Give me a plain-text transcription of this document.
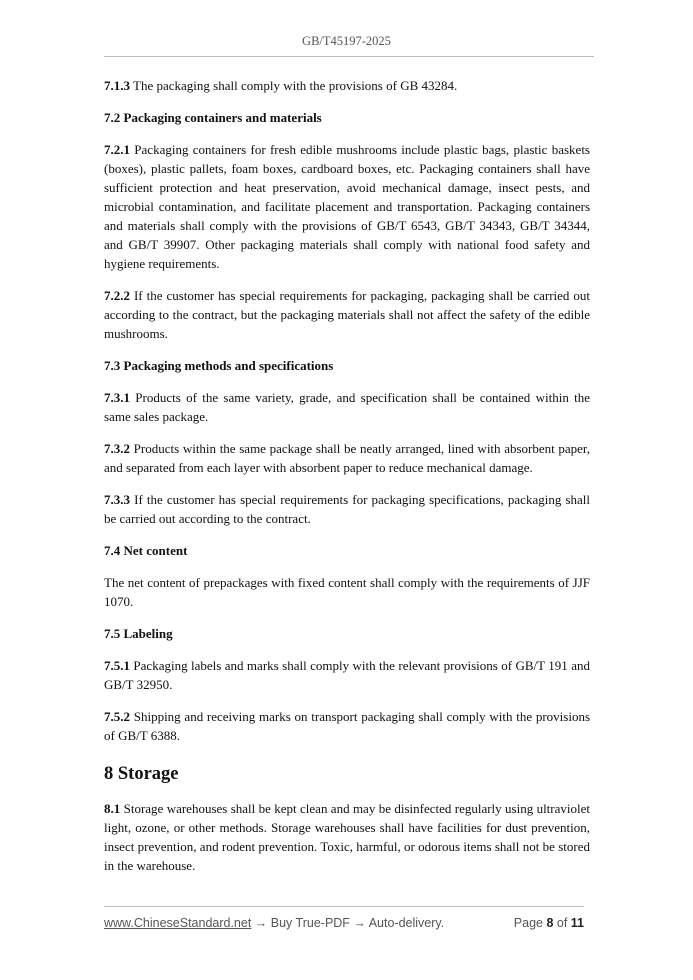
GB/T45197-2025

7.1.3 The packaging shall comply with the provisions of GB 43284.

7.2 Packaging containers and materials

7.2.1 Packaging containers for fresh edible mushrooms include plastic bags, plastic baskets (boxes), plastic pallets, foam boxes, cardboard boxes, etc. Packaging containers shall have sufficient protection and heat preservation, avoid mechanical damage, insect pests, and microbial contamination, and facilitate placement and transportation. Packaging containers and materials shall comply with the provisions of GB/T 6543, GB/T 34343, GB/T 34344, and GB/T 39907. Other packaging materials shall comply with national food safety and hygiene requirements.

7.2.2 If the customer has special requirements for packaging, packaging shall be carried out according to the contract, but the packaging materials shall not affect the safety of the edible mushrooms.

7.3 Packaging methods and specifications

7.3.1 Products of the same variety, grade, and specification shall be contained within the same sales package.

7.3.2 Products within the same package shall be neatly arranged, lined with absorbent paper, and separated from each layer with absorbent paper to reduce mechanical damage.

7.3.3 If the customer has special requirements for packaging specifications, packaging shall be carried out according to the contract.

7.4 Net content

The net content of prepackages with fixed content shall comply with the requirements of JJF 1070.

7.5 Labeling

7.5.1 Packaging labels and marks shall comply with the relevant provisions of GB/T 191 and GB/T 32950.

7.5.2 Shipping and receiving marks on transport packaging shall comply with the provisions of GB/T 6388.

8 Storage

8.1 Storage warehouses shall be kept clean and may be disinfected regularly using ultraviolet light, ozone, or other methods. Storage warehouses shall have facilities for dust prevention, insect prevention, and rodent prevention. Toxic, harmful, or odorous items shall not be stored in the warehouse.

www.ChineseStandard.net → Buy True-PDF → Auto-delivery.	Page 8 of 11
